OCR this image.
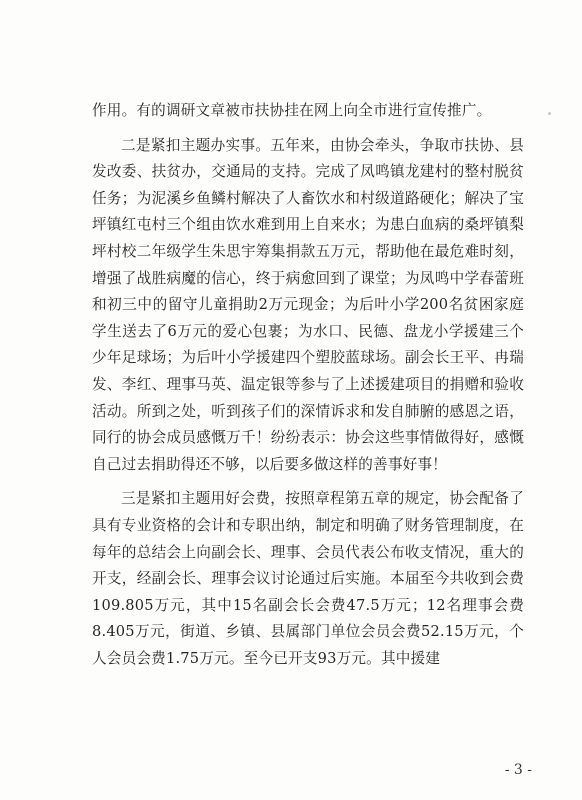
作用。有的调研文章被市扶协挂在网上向全市进行宣传推广。

二是紧扣主题办实事。五年来，由协会牵头，争取市扶协、县发改委、扶贫办，交通局的支持。完成了凤鸣镇龙建村的整村脱贫任务；为泥溪乡鱼鳞村解决了人畜饮水和村级道路硬化；解决了宝坪镇红屯村三个组由饮水难到用上自来水；为患白血病的桑坪镇梨坪村校二年级学生朱思宇筹集捐款五万元，帮助他在最危难时刻，增强了战胜病魔的信心，终于病愈回到了课堂；为凤鸣中学春蕾班和初三中的留守儿童捐助2万元现金；为后叶小学200名贫困家庭学生送去了6万元的爱心包裹；为水口、民德、盘龙小学援建三个少年足球场；为后叶小学援建四个塑胶蓝球场。副会长王平、冉瑞发、李红、理事马英、温定银等参与了上述援建项目的捐赠和验收活动。所到之处，听到孩子们的深情诉求和发自肺腑的感恩之语，同行的协会成员感慨万千！纷纷表示：协会这些事情做得好，感慨自己过去捐助得还不够，以后要多做这样的善事好事！

三是紧扣主题用好会费，按照章程第五章的规定，协会配备了具有专业资格的会计和专职出纳，制定和明确了财务管理制度，在每年的总结会上向副会长、理事、会员代表公布收支情况，重大的开支，经副会长、理事会议讨论通过后实施。本届至今共收到会费109.805万元，其中15名副会长会费47.5万元；12名理事会费8.405万元，街道、乡镇、县属部门单位会员会费52.15万元，个人会员会费1.75万元。至今已开支93万元。其中援建

- 3 -
